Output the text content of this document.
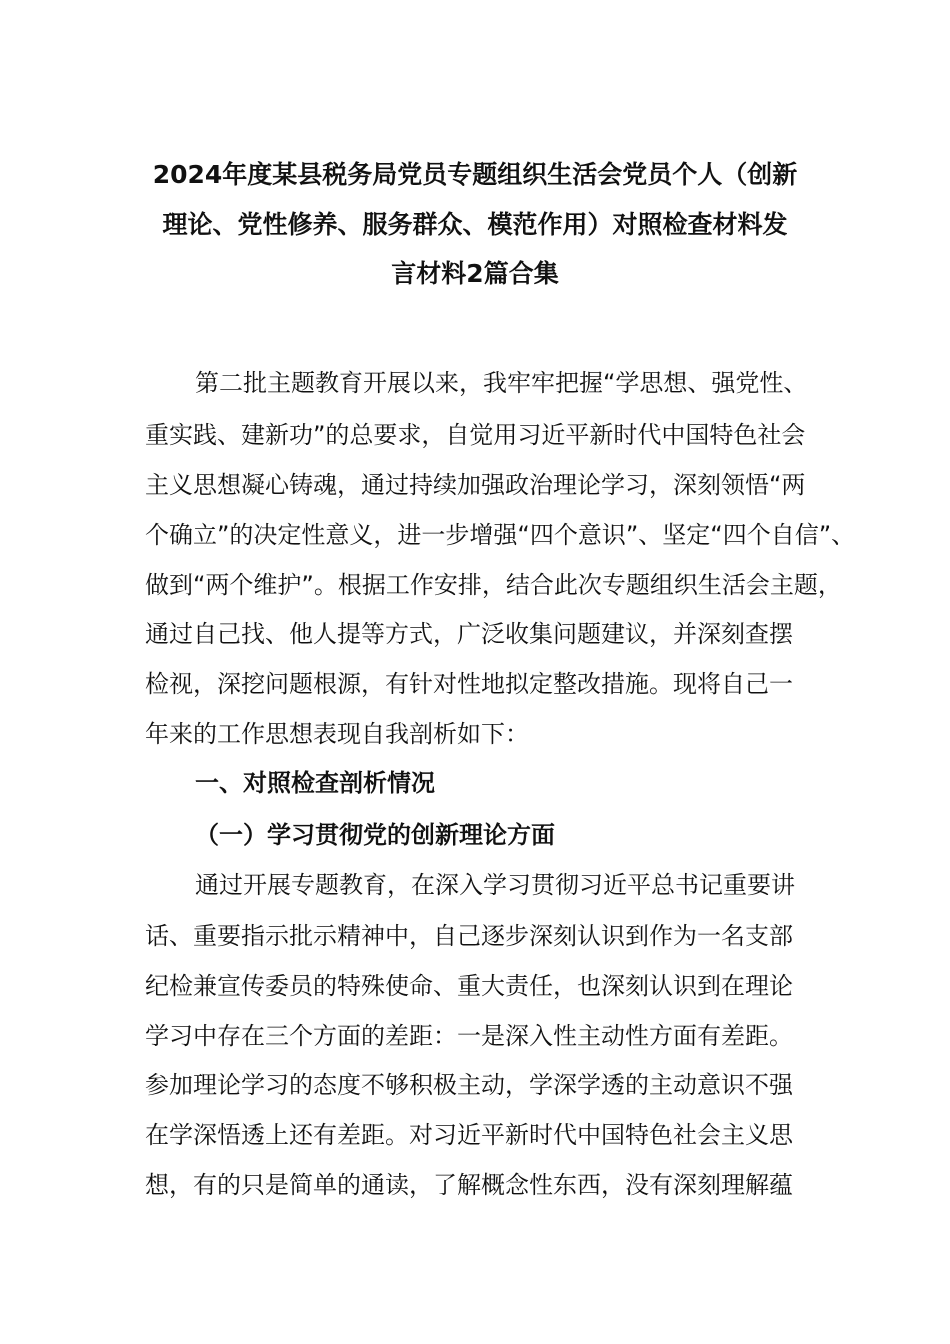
2024年度某县税务局党员专题组织生活会党员个人（创新
理论、党性修养、服务群众、模范作用）对照检查材料发
言材料2篇合集
第二批主题教育开展以来，我牢牢把握“学思想、强党性、
重实践、建新功”的总要求，自觉用习近平新时代中国特色社会
主义思想凝心铸魂，通过持续加强政治理论学习，深刻领悟“两
个确立”的决定性意义，进一步增强“四个意识”、坚定“四个自信”、
做到“两个维护”。根据工作安排，结合此次专题组织生活会主题，
通过自己找、他人提等方式，广泛收集问题建议，并深刻查摆
检视，深挖问题根源，有针对性地拟定整改措施。现将自己一
年来的工作思想表现自我剖析如下：
一、对照检查剖析情况
（一）学习贯彻党的创新理论方面
通过开展专题教育，在深入学习贯彻习近平总书记重要讲
话、重要指示批示精神中，自己逐步深刻认识到作为一名支部
纪检兼宣传委员的特殊使命、重大责任，也深刻认识到在理论
学习中存在三个方面的差距：一是深入性主动性方面有差距。
参加理论学习的态度不够积极主动，学深学透的主动意识不强
在学深悟透上还有差距。对习近平新时代中国特色社会主义思
想，有的只是简单的通读，了解概念性东西，没有深刻理解蕴
